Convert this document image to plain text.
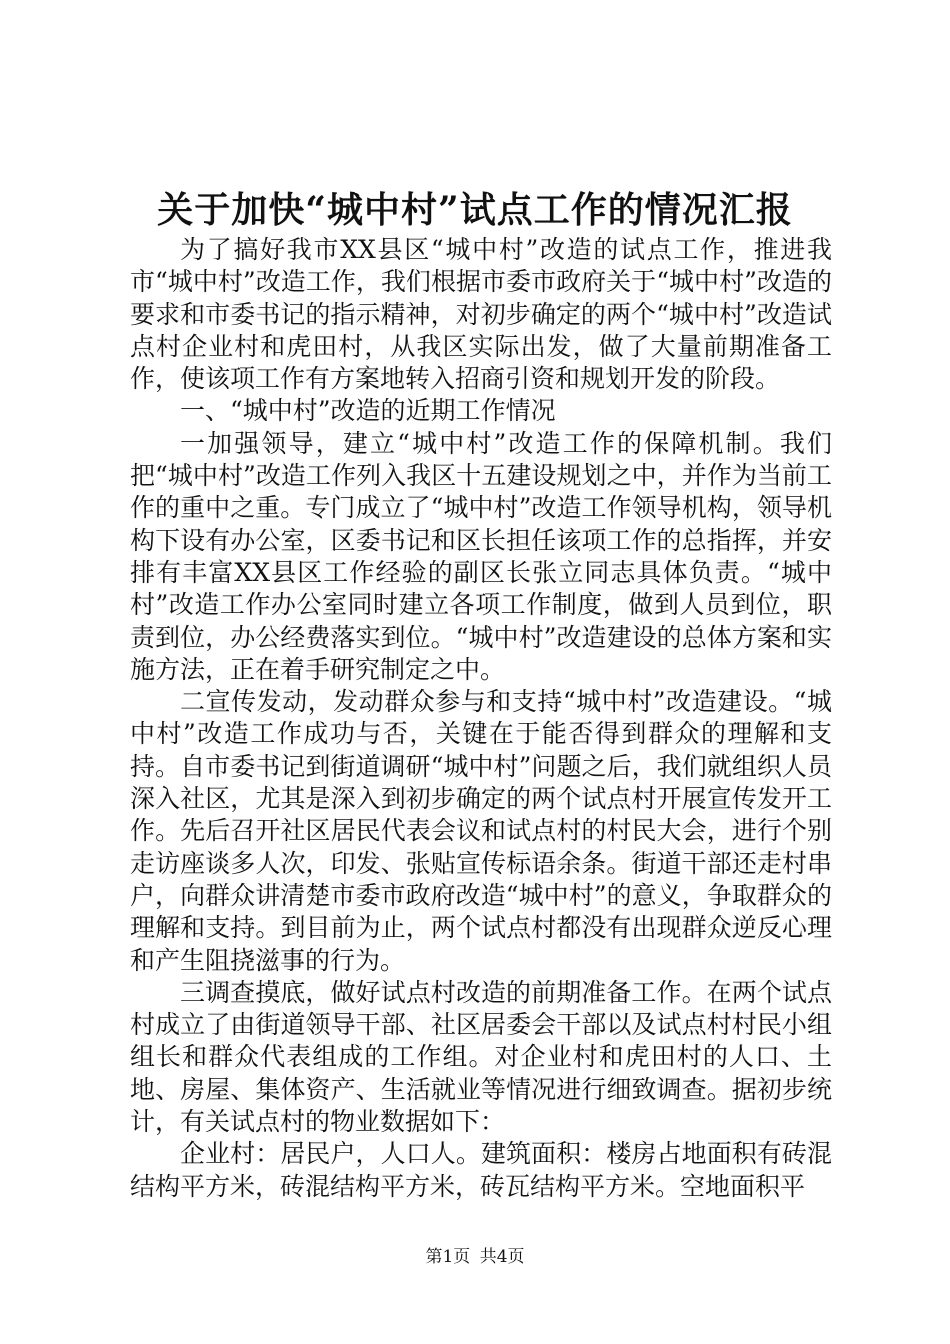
关于加快“城中村”试点工作的情况汇报

为了搞好我市XX县区“城中村”改造的试点工作，推进我市“城中村”改造工作，我们根据市委市政府关于“城中村”改造的要求和市委书记的指示精神，对初步确定的两个“城中村”改造试点村企业村和虎田村，从我区实际出发，做了大量前期准备工作，使该项工作有方案地转入招商引资和规划开发的阶段。

一、“城中村”改造的近期工作情况

一加强领导，建立“城中村”改造工作的保障机制。我们把“城中村”改造工作列入我区十五建设规划之中，并作为当前工作的重中之重。专门成立了“城中村”改造工作领导机构，领导机构下设有办公室，区委书记和区长担任该项工作的总指挥，并安排有丰富XX县区工作经验的副区长张立同志具体负责。“城中村”改造工作办公室同时建立各项工作制度，做到人员到位，职责到位，办公经费落实到位。“城中村”改造建设的总体方案和实施方法，正在着手研究制定之中。

二宣传发动，发动群众参与和支持“城中村”改造建设。“城中村”改造工作成功与否，关键在于能否得到群众的理解和支持。自市委书记到街道调研“城中村”问题之后，我们就组织人员深入社区，尤其是深入到初步确定的两个试点村开展宣传发开工作。先后召开社区居民代表会议和试点村的村民大会，进行个别走访座谈多人次，印发、张贴宣传标语余条。街道干部还走村串户，向群众讲清楚市委市政府改造“城中村”的意义，争取群众的理解和支持。到目前为止，两个试点村都没有出现群众逆反心理和产生阻挠滋事的行为。

三调查摸底，做好试点村改造的前期准备工作。在两个试点村成立了由街道领导干部、社区居委会干部以及试点村村民小组组长和群众代表组成的工作组。对企业村和虎田村的人口、土地、房屋、集体资产、生活就业等情况进行细致调查。据初步统计，有关试点村的物业数据如下：

企业村：居民户，人口人。建筑面积：楼房占地面积有砖混结构平方米，砖混结构平方米，砖瓦结构平方米。空地面积平

第1页 共4页
